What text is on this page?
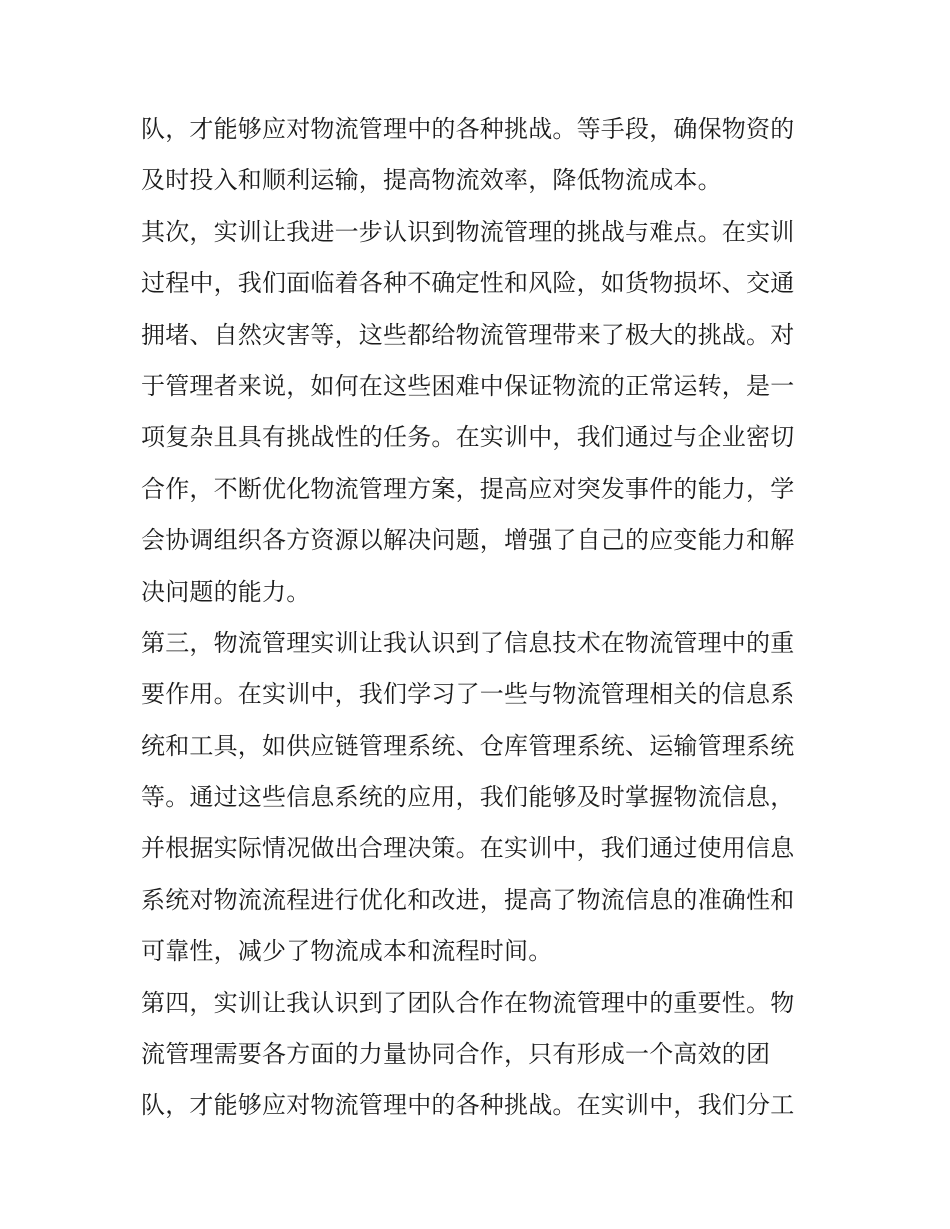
队，才能够应对物流管理中的各种挑战。等手段，确保物资的
及时投入和顺利运输，提高物流效率，降低物流成本。
其次，实训让我进一步认识到物流管理的挑战与难点。在实训
过程中，我们面临着各种不确定性和风险，如货物损坏、交通
拥堵、自然灾害等，这些都给物流管理带来了极大的挑战。对
于管理者来说，如何在这些困难中保证物流的正常运转，是一
项复杂且具有挑战性的任务。在实训中，我们通过与企业密切
合作，不断优化物流管理方案，提高应对突发事件的能力，学
会协调组织各方资源以解决问题，增强了自己的应变能力和解
决问题的能力。
第三，物流管理实训让我认识到了信息技术在物流管理中的重
要作用。在实训中，我们学习了一些与物流管理相关的信息系
统和工具，如供应链管理系统、仓库管理系统、运输管理系统
等。通过这些信息系统的应用，我们能够及时掌握物流信息，
并根据实际情况做出合理决策。在实训中，我们通过使用信息
系统对物流流程进行优化和改进，提高了物流信息的准确性和
可靠性，减少了物流成本和流程时间。
第四，实训让我认识到了团队合作在物流管理中的重要性。物
流管理需要各方面的力量协同合作，只有形成一个高效的团
队，才能够应对物流管理中的各种挑战。在实训中，我们分工
